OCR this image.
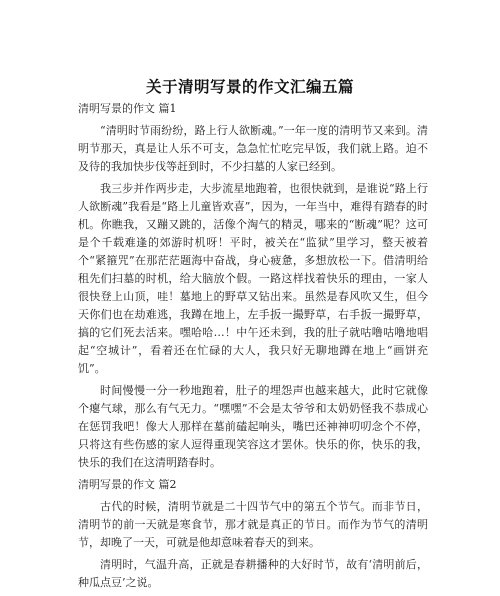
关于清明写景的作文汇编五篇
清明写景的作文 篇1

“清明时节雨纷纷，路上行人欲断魂。”一年一度的清明节又来到。清明节那天，真是让人乐不可支，急急忙忙吃完早饭，我们就上路。迫不及待的我加快步伐等赶到时，不少扫墓的人家已经到。

我三步并作两步走，大步流星地跑着，也很快就到，是谁说“路上行人欲断魂”我看是“路上儿童皆欢喜”，因为，一年当中，难得有踏春的时机。你瞧我，又蹦又跳的，活像个淘气的精灵，哪来的“断魂”呢？这可是个千载难逢的郊游时机呀！平时，被关在“监狱”里学习，整天被着个“紧箍咒”在那茫茫题海中奋战，身心疲惫，多想放松一下。借清明给租先们扫墓的时机，给大脑放个假。一路这样找着快乐的理由，一家人很快登上山顶，哇！墓地上的野草又钻出来。虽然是春风吹又生，但今天你们也在劫难逃，我蹲在地上，左手扳一撮野草，右手扳一撮野草，搞的它们死去活来。嘿哈哈…！中午还未到，我的肚子就咕噜咕噜地唱起“空城计”，看着还在忙碌的大人，我只好无聊地蹲在地上“画饼充饥”。

时间慢慢一分一秒地跑着，肚子的埋怨声也越来越大，此时它就像个瘪气球，那么有气无力。“嘿嘿”不会是太爷爷和太奶奶怪我不恭成心在惩罚我吧！像大人那样在墓前磕起响头，嘴巴还神神叨叨念个不停，只将这有些伤感的家人逗得重现笑容这才罢休。快乐的你，快乐的我，快乐的我们在这清明踏春时。

清明写景的作文 篇2

古代的时候，清明节就是二十四节气中的第五个节气。而非节日，清明节的前一天就是寒食节，那才就是真正的节日。而作为节气的清明节，却晚了一天，可就是他却意味着春天的到来。

清明时，气温升高，正就是春耕播种的大好时节，故有‘清明前后，种瓜点豆’之说。
